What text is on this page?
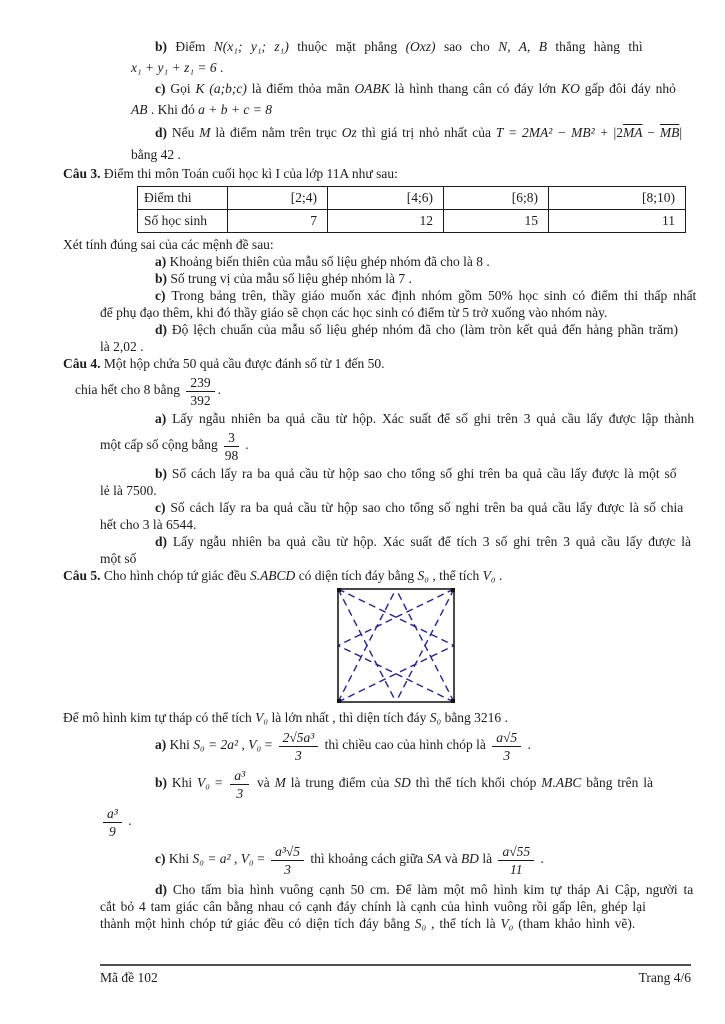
b) Điểm N(x₁; y₁; z₁) thuộc mặt phẳng (Oxz) sao cho N, A, B thẳng hàng thì
x₁ + y₁ + z₁ = 6 .
c) Gọi K (a;b;c) là điểm thỏa mãn OABK là hình thang cân có đáy lớn KO gấp đôi đáy nhỏ
AB . Khi đó a + b + c = 8
d) Nếu M là điểm nằm trên trục Oz thì giá trị nhỏ nhất của $T = 2MA^2 - MB^2 + |2\overline{MA} - \overline{MB}|$
bằng 42 .
Câu 3. Điểm thi môn Toán cuối học kì I của lớp 11A như sau:
Điểm thi	[2;4)	[4;6)	[6;8)	[8;10)
Số học sinh	7	12	15	11
Xét tính đúng sai của các mệnh đề sau:
a) Khoảng biến thiên của mẫu số liệu ghép nhóm đã cho là 8 .
b) Số trung vị của mẫu số liệu ghép nhóm là 7 .
c) Trong bảng trên, thầy giáo muốn xác định nhóm gồm 50% học sinh có điểm thi thấp nhất
để phụ đạo thêm, khi đó thầy giáo sẽ chọn các học sinh có điểm từ 5 trở xuống vào nhóm này.
d) Độ lệch chuẩn của mẫu số liệu ghép nhóm đã cho (làm tròn kết quả đến hàng phần trăm)
là 2,02 .
Câu 4. Một hộp chứa 50 quả cầu được đánh số từ 1 đến 50.
chia hết cho 8 bằng $\frac{239}{392}$ .
a) Lấy ngẫu nhiên ba quả cầu từ hộp. Xác suất để số ghi trên 3 quả cầu lấy được lập thành
một cấp số cộng bằng $\frac{3}{98}$ .
b) Số cách lấy ra ba quả cầu từ hộp sao cho tổng số ghi trên ba quả cầu lấy được là một số
lẻ là 7500.
c) Số cách lấy ra ba quả cầu từ hộp sao cho tổng số nghi trên ba quả cầu lấy được là số chia
hết cho 3 là 6544.
d) Lấy ngẫu nhiên ba quả cầu từ hộp. Xác suất để tích 3 số ghi trên 3 quả cầu lấy được là
một số
Câu 5. Cho hình chóp tứ giác đều S.ABCD có diện tích đáy bằng S₀ , thể tích V₀ .
Để mô hình kim tự tháp có thể tích V₀ là lớn nhất , thì diện tích đáy S₀ bằng 3216 .
a) Khi S₀ = 2a² , $V_0 = \frac{\text{2√5a³}}{3}$ thì chiều cao của hình chóp là $\frac{a√5}{3}$ .
b) Khi $V_0 = \frac{\text{a³}}{3}$ và M là trung điểm của SD thì thể tích khối chóp M.ABC bằng trên là
$\frac{\text{a³}}{9}$ .
c) Khi S₀ = a² , $V_0 = \frac{\text{a³√5}}{3}$ thì khoảng cách giữa SA và BD là $\frac{a√55}{11}$ .
d) Cho tấm bìa hình vuông cạnh 50 cm. Để làm một mô hình kim tự tháp Ai Cập, người ta
cắt bỏ 4 tam giác cân bằng nhau có cạnh đáy chính là cạnh của hình vuông rồi gấp lên, ghép lại
thành một hình chóp tứ giác đều có diện tích đáy bằng S₀ , thể tích là V₀ (tham khảo hình vẽ).
Mã đề 102	Trang 4/6
